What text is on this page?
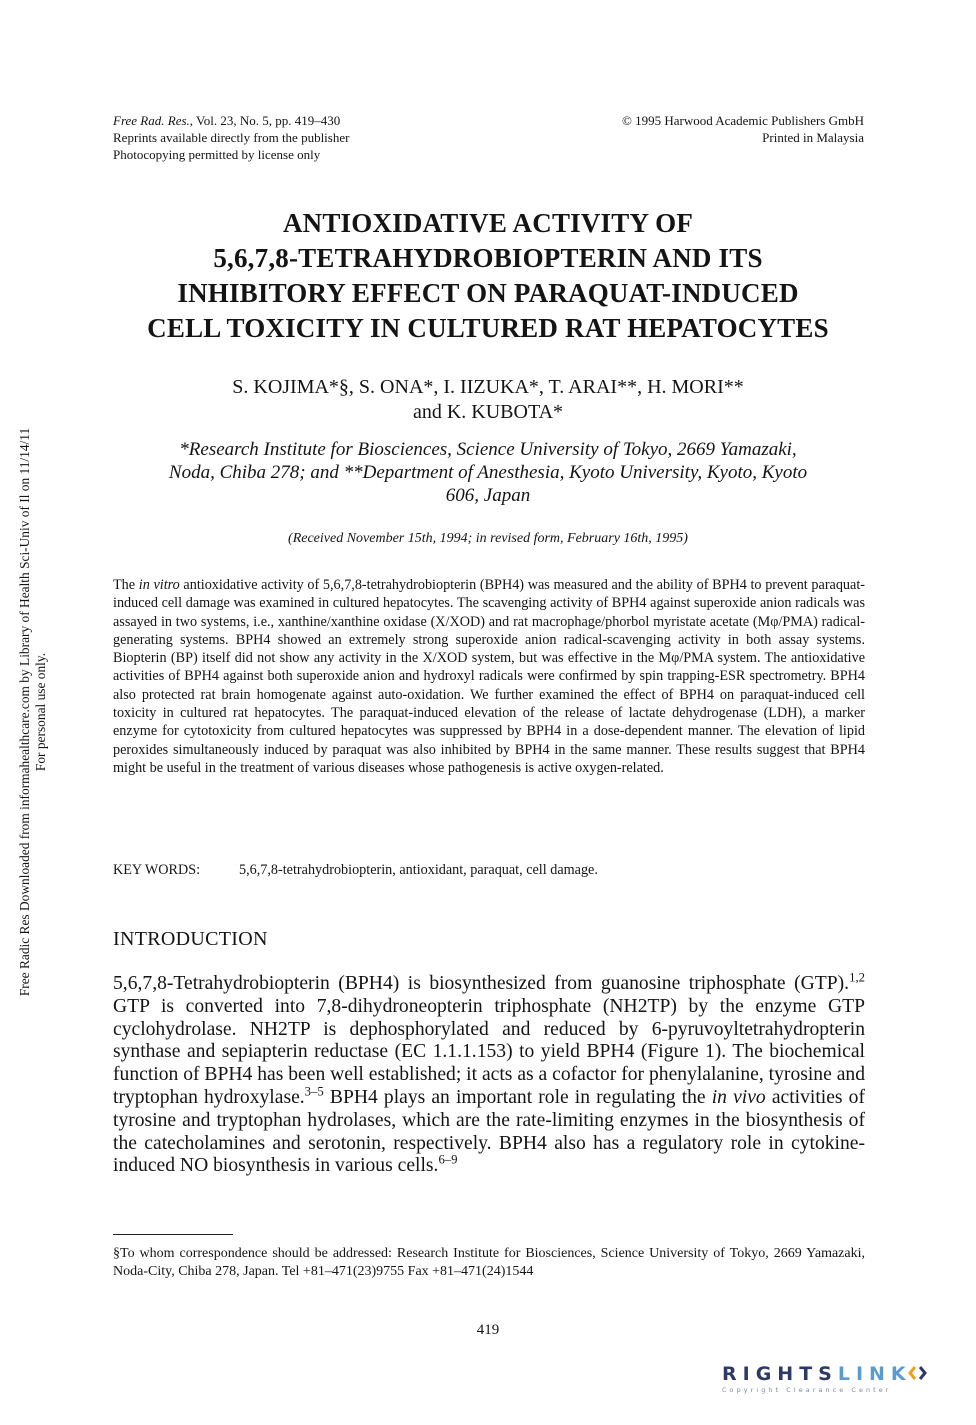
Free Rad. Res., Vol. 23, No. 5, pp. 419–430

Reprints available directly from the publisher

Photocopying permitted by license only

© 1995 Harwood Academic Publishers GmbH

Printed in Malaysia

ANTIOXIDATIVE ACTIVITY OF
5,6,7,8-TETRAHYDROBIOPTERIN AND ITS
INHIBITORY EFFECT ON PARAQUAT-INDUCED
CELL TOXICITY IN CULTURED RAT HEPATOCYTES
S. KOJIMA*§, S. ONA*, I. IIZUKA*, T. ARAI**, H. MORI**
and K. KUBOTA*
*Research Institute for Biosciences, Science University of Tokyo, 2669 Yamazaki,
Noda, Chiba 278; and **Department of Anesthesia, Kyoto University, Kyoto, Kyoto
606, Japan
(Received November 15th, 1994; in revised form, February 16th, 1995)

The in vitro antioxidative activity of 5,6,7,8-tetrahydrobiopterin (BPH4) was measured and the ability of BPH4 to prevent paraquat-induced cell damage was examined in cultured hepatocytes. The scavenging activity of BPH4 against superoxide anion radicals was assayed in two systems, i.e., xanthine/xanthine oxidase (X/XOD) and rat macrophage/phorbol myristate acetate (Mφ/PMA) radical-generating systems. BPH4 showed an extremely strong superoxide anion radical-scavenging activity in both assay systems. Biopterin (BP) itself did not show any activity in the X/XOD system, but was effective in the Mφ/PMA system. The antioxidative activities of BPH4 against both superoxide anion and hydroxyl radicals were confirmed by spin trapping-ESR spectrometry. BPH4 also protected rat brain homogenate against auto-oxidation. We further examined the effect of BPH4 on paraquat-induced cell toxicity in cultured rat hepatocytes. The paraquat-induced elevation of the release of lactate dehydrogenase (LDH), a marker enzyme for cytotoxicity from cultured hepatocytes was suppressed by BPH4 in a dose-dependent manner. The elevation of lipid peroxides simultaneously induced by paraquat was also inhibited by BPH4 in the same manner. These results suggest that BPH4 might be useful in the treatment of various diseases whose pathogenesis is active oxygen-related.

KEY WORDS:	5,6,7,8-tetrahydrobiopterin, antioxidant, paraquat, cell damage.
INTRODUCTION

5,6,7,8-Tetrahydrobiopterin (BPH4) is biosynthesized from guanosine triphosphate (GTP).$^{1,2}$ GTP is converted into 7,8-dihydroneopterin triphosphate (NH2TP) by the enzyme GTP cyclohydrolase. NH2TP is dephosphorylated and reduced by 6-pyruvoyltetrahydropterin synthase and sepiapterin reductase (EC 1.1.1.153) to yield BPH4 (Figure 1). The biochemical function of BPH4 has been well established; it acts as a cofactor for phenylalanine, tyrosine and tryptophan hydroxylase.$^{3-5}$ BPH4 plays an important role in regulating the in vivo activities of tyrosine and tryptophan hydrolases, which are the rate-limiting enzymes in the biosynthesis of the catecholamines and serotonin, respectively. BPH4 also has a regulatory role in cytokine-induced NO biosynthesis in various cells.$^{6-9}$

§To whom correspondence should be addressed: Research Institute for Biosciences, Science University of Tokyo, 2669 Yamazaki, Noda-City, Chiba 278, Japan. Tel +81–471(23)9755 Fax +81–471(24)1544

419
Free Radic Res Downloaded from informahealthcare.com by Library of Health Sci-Univ of Il on 11/14/11 For personal use only.
RIGHTSLINK
Copyright Clearance Center
